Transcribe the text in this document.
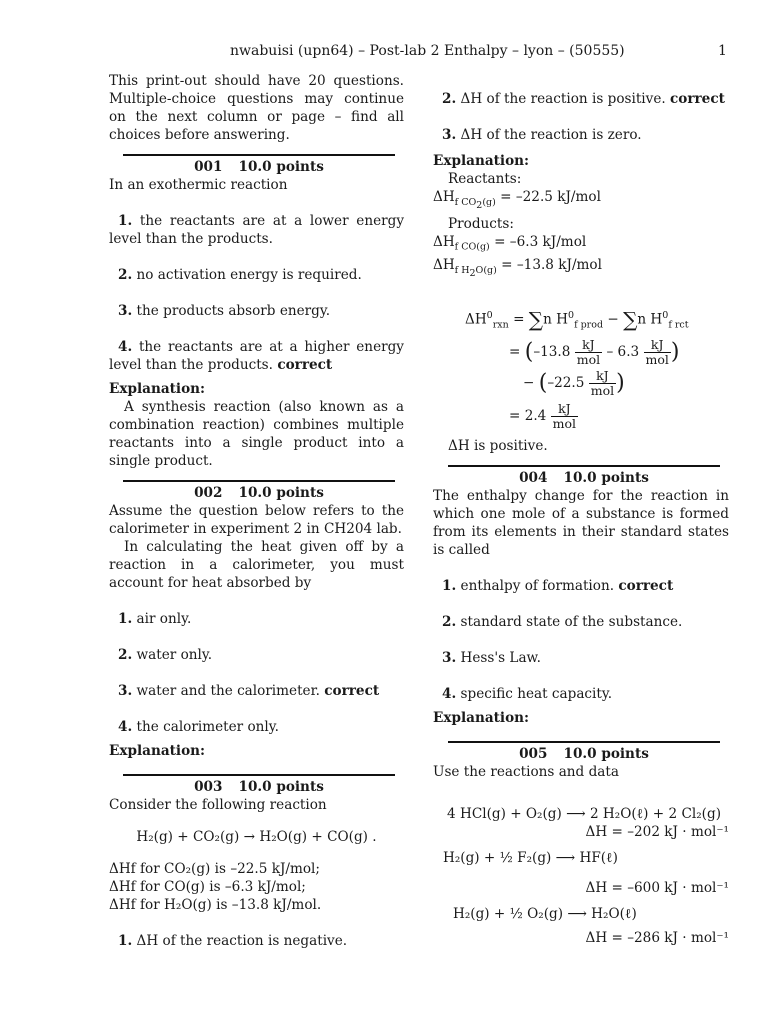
nwabuisi (upn64) – Post-lab 2 Enthalpy – lyon – (50555)	1
This print-out should have 20 questions. Multiple-choice questions may continue on the next column or page – find all choices before answering.
001 10.0 points
In an exothermic reaction
1. the reactants are at a lower energy level than the products.
2. no activation energy is required.
3. the products absorb energy.
4. the reactants are at a higher energy level than the products. correct
Explanation:
A synthesis reaction (also known as a combination reaction) combines multiple reactants into a single product into a single product.
002 10.0 points
Assume the question below refers to the calorimeter in experiment 2 in CH204 lab.
In calculating the heat given off by a reaction in a calorimeter, you must account for heat absorbed by
1. air only.
2. water only.
3. water and the calorimeter. correct
4. the calorimeter only.
Explanation:
003 10.0 points
Consider the following reaction
H₂(g) + CO₂(g) → H₂O(g) + CO(g) .
ΔHf for CO₂(g) is –22.5 kJ/mol;
ΔHf for CO(g) is –6.3 kJ/mol;
ΔHf for H₂O(g) is –13.8 kJ/mol.
1. ΔH of the reaction is negative.
2. ΔH of the reaction is positive. correct
3. ΔH of the reaction is zero.
Explanation:
Reactants:
$\Delta H_{f CO_2(g)} = -22.5$ kJ/mol
Products:
$\Delta H_{f CO(g)} = -6.3$ kJ/mol
$\Delta H_{f H_2O(g)} = -13.8$ kJ/mol
$\Delta H^0_{rxn} = \sum n$ $H^0_{f prod} - \sum n$ $H^0_{f rct}$
= ($-13.8 \frac{kJ}{\text{mol}} - 6.3 \frac{kJ}{\text{mol}}$ )
− ($-22.5 \frac{kJ}{\text{mol}}$ )
= $2.4 \frac{kJ}{\text{mol}}$
ΔH is positive.
004 10.0 points
The enthalpy change for the reaction in which one mole of a substance is formed from its elements in their standard states is called
1. enthalpy of formation. correct
2. standard state of the substance.
3. Hess's Law.
4. specific heat capacity.
Explanation:
005 10.0 points
Use the reactions and data
4 HCl(g) + O₂(g) ⟶ 2 H₂O(ℓ) + 2 Cl₂(g)
ΔH = –202 kJ · mol⁻¹
H₂(g) + ½ F₂(g) ⟶ HF(ℓ)
ΔH = –600 kJ · mol⁻¹
H₂(g) + ½ O₂(g) ⟶ H₂O(ℓ)
ΔH = –286 kJ · mol⁻¹
